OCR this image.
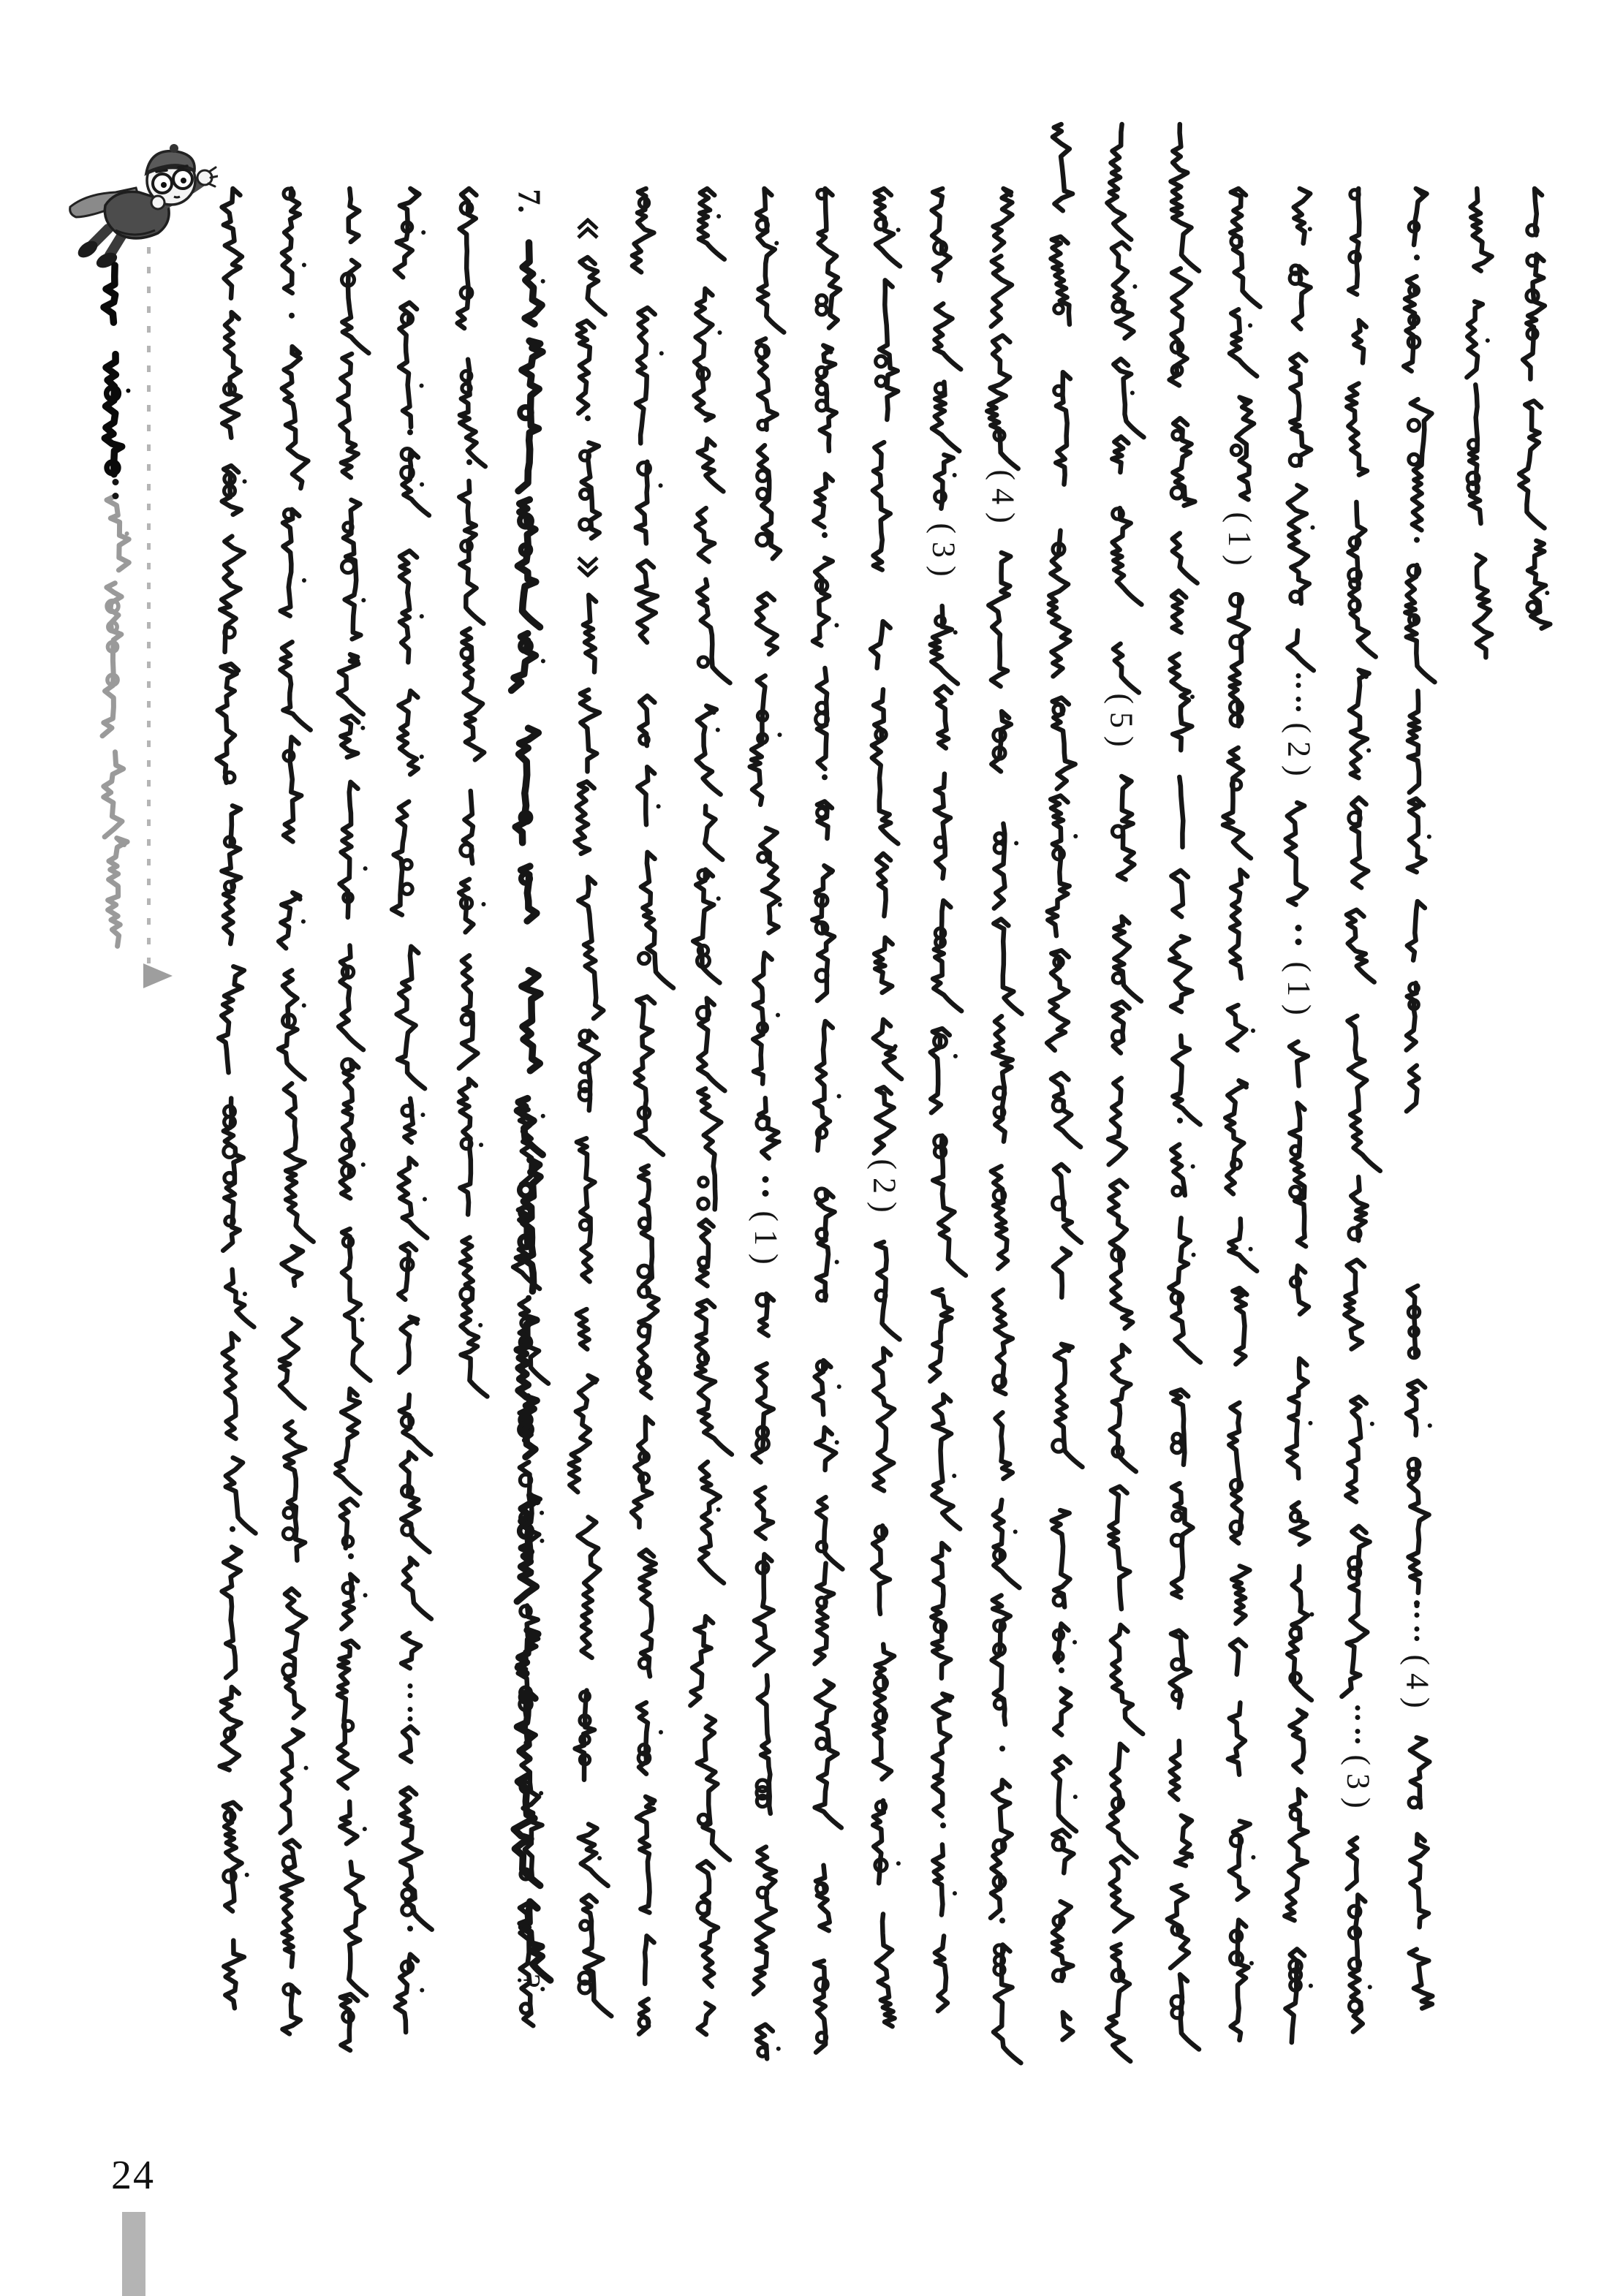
7.
?
( 1 )
( 2 )
( 3 )
( 4 )
( 5 )
( 1 )
( 2 )
( 1 )
( 3 )
( 4 )
24
